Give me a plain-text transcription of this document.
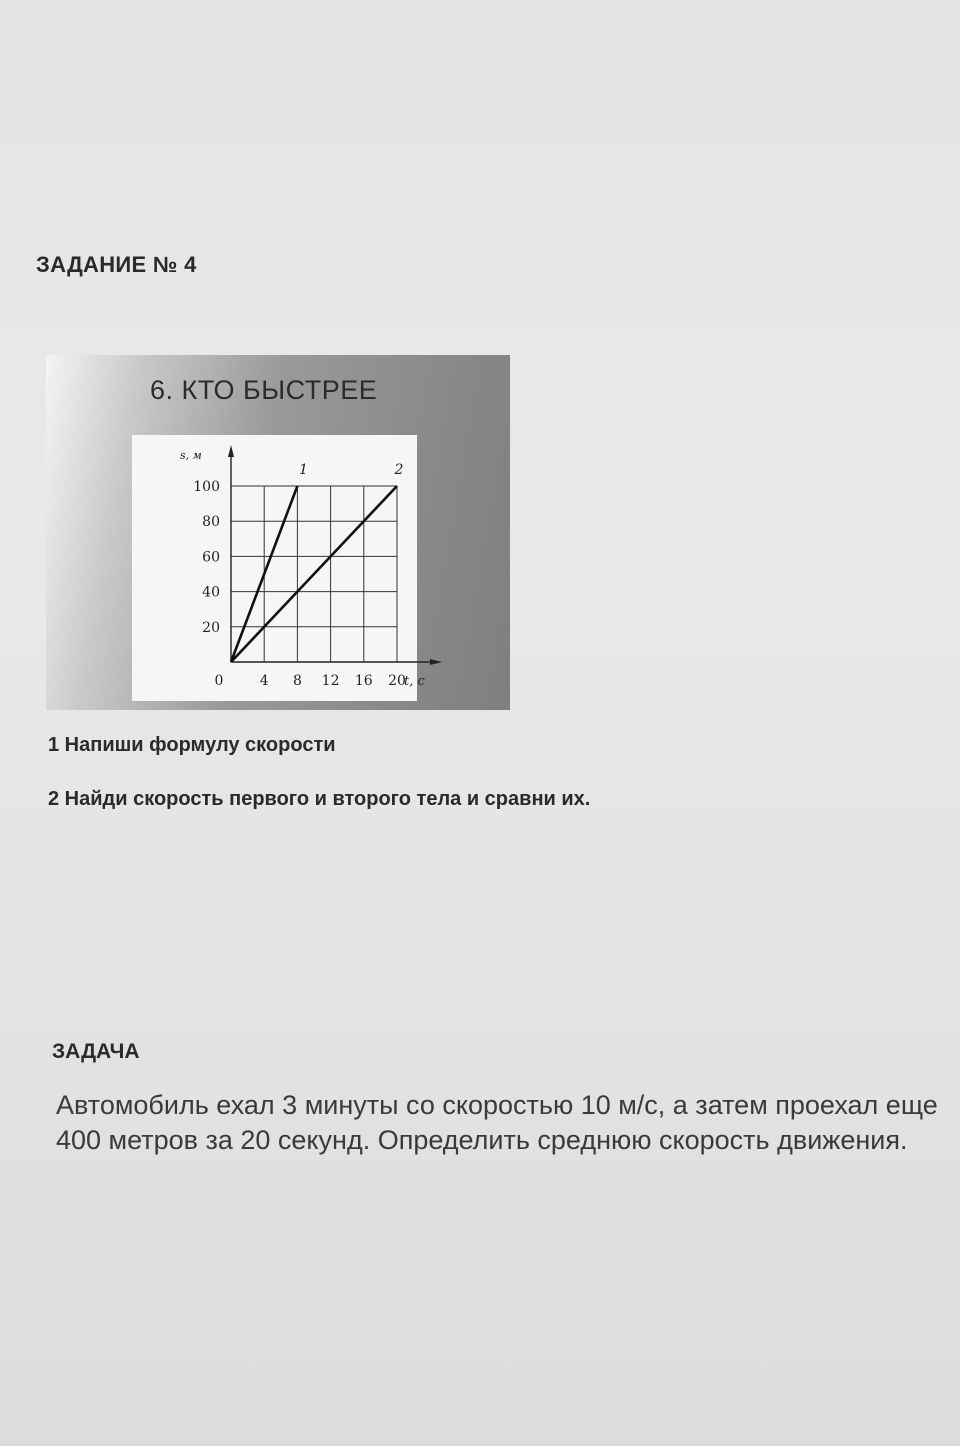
ЗАДАНИЕ № 4
6. КТО БЫСТРЕЕ
0	4 8 12 16 20
20
40
60
80
100
s, м
t, с
1	2
1 Напиши формулу скорости
2 Найди скорость первого и второго тела и сравни их.
ЗАДАЧА
Автомобиль ехал 3 минуты со скоростью 10 м/с, а затем проехал еще 400 метров за 20 секунд. Определить среднюю скорость движения.
